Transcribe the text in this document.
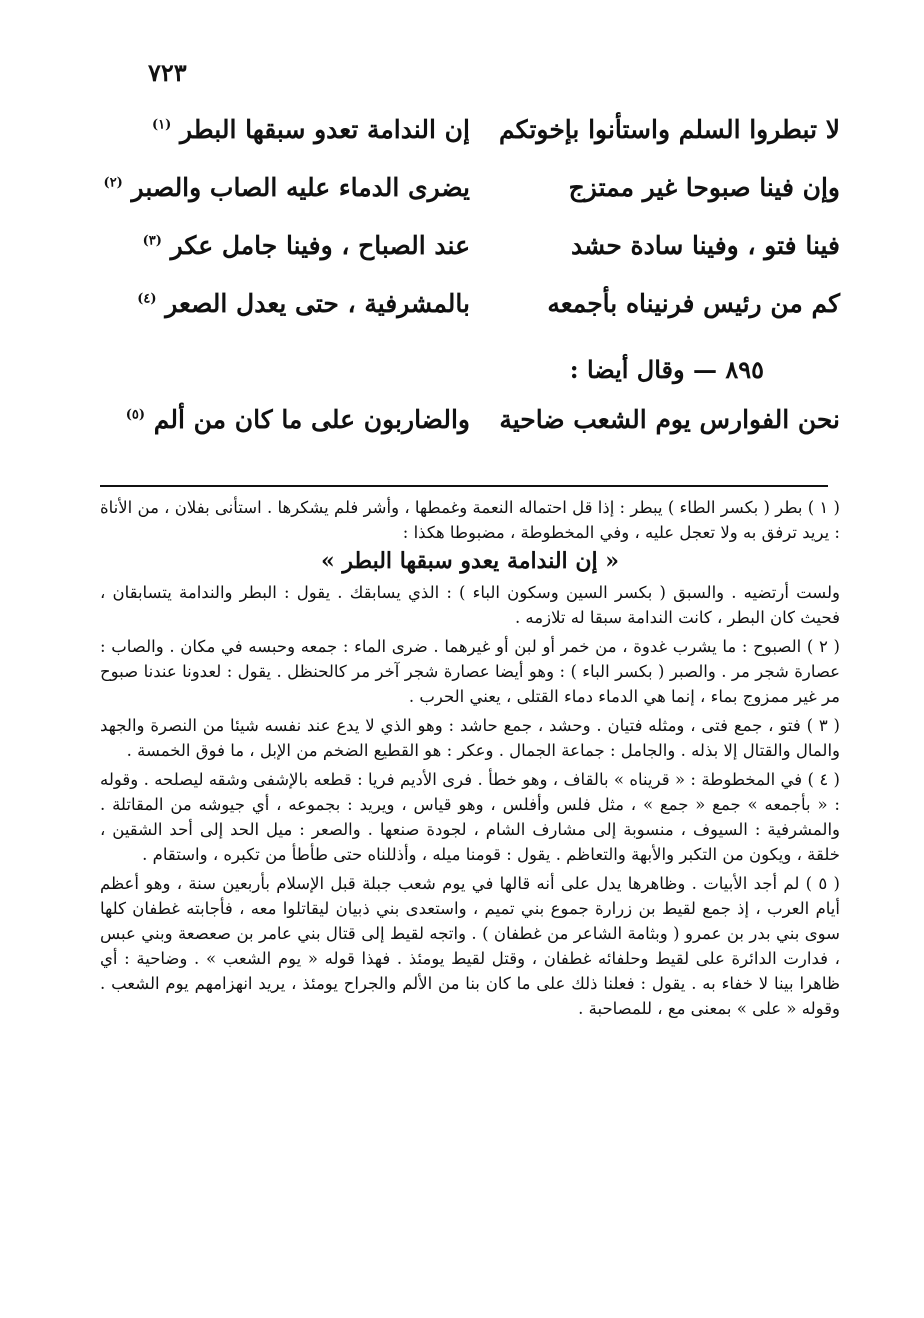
٧٢٣
لا تبطروا السلم واستأنوا بإخوتكم
إن الندامة تعدو سبقها البطر $^{(١)}$
وإن فينا صبوحا غير ممتزج
يضرى الدماء عليه الصاب والصبر $^{(٢)}$
فينا فتو ، وفينا سادة حشد
عند الصباح ، وفينا جامل عكر $^{(٣)}$
كم من رئيس فرنيناه بأجمعه
بالمشرفية ، حتى يعدل الصعر $^{(٤)}$
٨٩٥ — وقال أيضا :
نحن الفوارس يوم الشعب ضاحية
والضاربون على ما كان من ألم $^{(٥)}$

( ١ ) بطر ( بكسر الطاء ) يبطر : إذا قل احتماله النعمة وغمطها ، وأشر فلم يشكرها . استأنى بفلان ، من الأناة : يريد ترفق به ولا تعجل عليه ، وفي المخطوطة ، مضبوطا هكذا :

« إن الندامة يعدو سبقها البطر »

ولست أرتضيه . والسبق ( بكسر السين وسكون الباء ) : الذي يسابقك . يقول : البطر والندامة يتسابقان ، فحيث كان البطر ، كانت الندامة سبقا له تلازمه .

( ٢ ) الصبوح : ما يشرب غدوة ، من خمر أو لبن أو غيرهما . ضرى الماء : جمعه وحبسه في مكان . والصاب : عصارة شجر مر . والصبر ( بكسر الباء ) : وهو أيضا عصارة شجر آخر مر كالحنظل . يقول : لعدونا عندنا صبوح مر غير ممزوج بماء ، إنما هي الدماء دماء القتلى ، يعني الحرب .

( ٣ ) فتو ، جمع فتى ، ومثله فتيان . وحشد ، جمع حاشد : وهو الذي لا يدع عند نفسه شيئا من النصرة والجهد والمال والقتال إلا بذله . والجامل : جماعة الجمال . وعكر : هو القطيع الضخم من الإبل ، ما فوق الخمسة .

( ٤ ) في المخطوطة : « قريناه » بالقاف ، وهو خطأ . فرى الأديم فريا : قطعه بالإشفى وشقه ليصلحه . وقوله : « بأجمعه » جمع « جمع » ، مثل فلس وأفلس ، وهو قياس ، ويريد : بجموعه ، أي جيوشه من المقاتلة . والمشرفية : السيوف ، منسوبة إلى مشارف الشام ، لجودة صنعها . والصعر : ميل الحد إلى أحد الشقين ، خلقة ، ويكون من التكبر والأبهة والتعاظم . يقول : قومنا ميله ، وأذللناه حتى طأطأ من تكبره ، واستقام .

( ٥ ) لم أجد الأبيات . وظاهرها يدل على أنه قالها في يوم شعب جبلة قبل الإسلام بأربعين سنة ، وهو أعظم أيام العرب ، إذ جمع لقيط بن زرارة جموع بني تميم ، واستعدى بني ذبيان ليقاتلوا معه ، فأجابته غطفان كلها سوى بني بدر بن عمرو ( وبثامة الشاعر من غطفان ) . واتجه لقيط إلى قتال بني عامر بن صعصعة وبني عبس ، فدارت الدائرة على لقيط وحلفائه غطفان ، وقتل لقيط يومئذ . فهذا قوله « يوم الشعب » . وضاحية : أي ظاهرا بينا لا خفاء به . يقول : فعلنا ذلك على ما كان بنا من الألم والجراح يومئذ ، يريد انهزامهم يوم الشعب . وقوله « على » بمعنى مع ، للمصاحبة .
